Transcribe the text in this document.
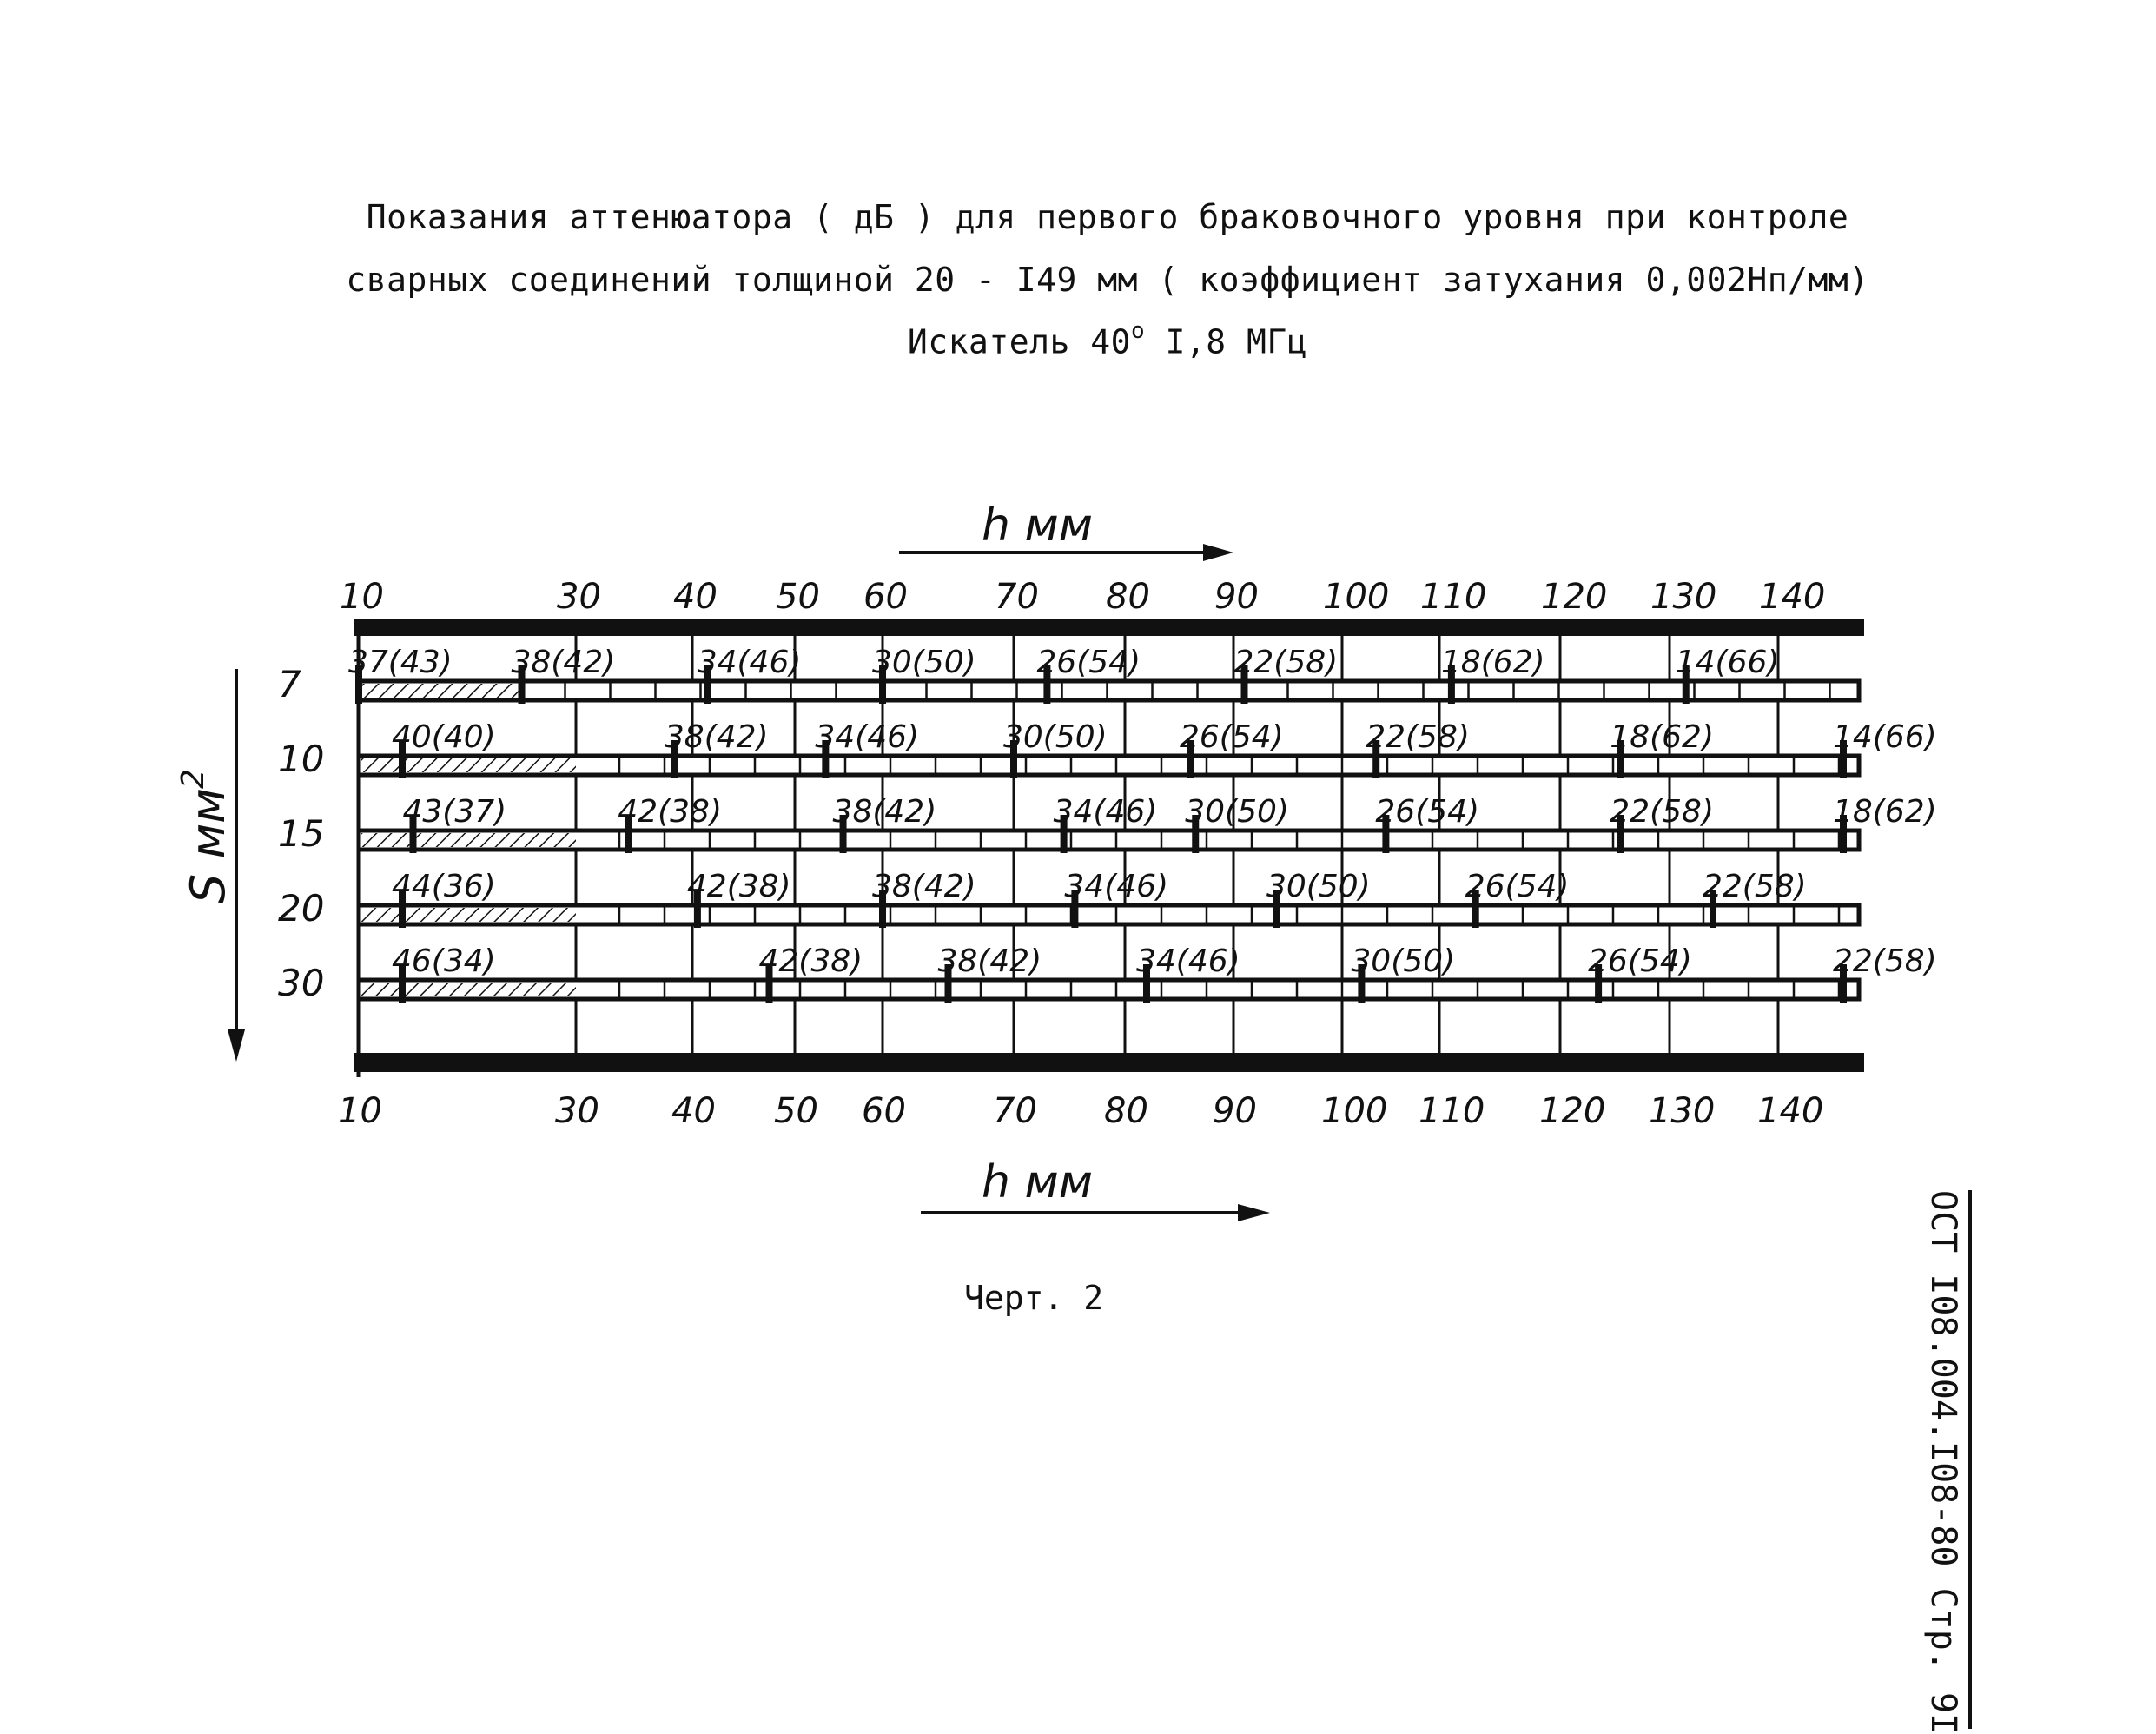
Показания аттенюатора ( дБ ) для первого браковочного уровня при контроле
сварных соединений толщиной 20 - I49 мм ( коэффициент затухания 0,002Нп/мм)
Искатель 40$^o$ I,8 МГц
10
10
30
30
40
40
50
50
60
60
70
70
80
80
90
90
100
100
110
110
120
120
130
130
140
140
7
37(43) 38(42)	34(46) 30(50) 26(54)	22(58)	18(62)	14(66)
10
40(40)	38(42) 34(46)	30(50) 26(54)	22(58)	18(62)	14(66)
15
43(37)	42(38)	38(42)	34(46) 30(50)	26(54)	22(58)	18(62)
20
44(36)	42(38)	38(42)	34(46)	30(50)	26(54)	22(58)
30
46(34)	42(38) 38(42)	34(46)	30(50)	26(54)	22(58)
h мм
h мм
S мм
2
Черт. 2	ОСТ I08.004.I08-80 Стр. 9I
